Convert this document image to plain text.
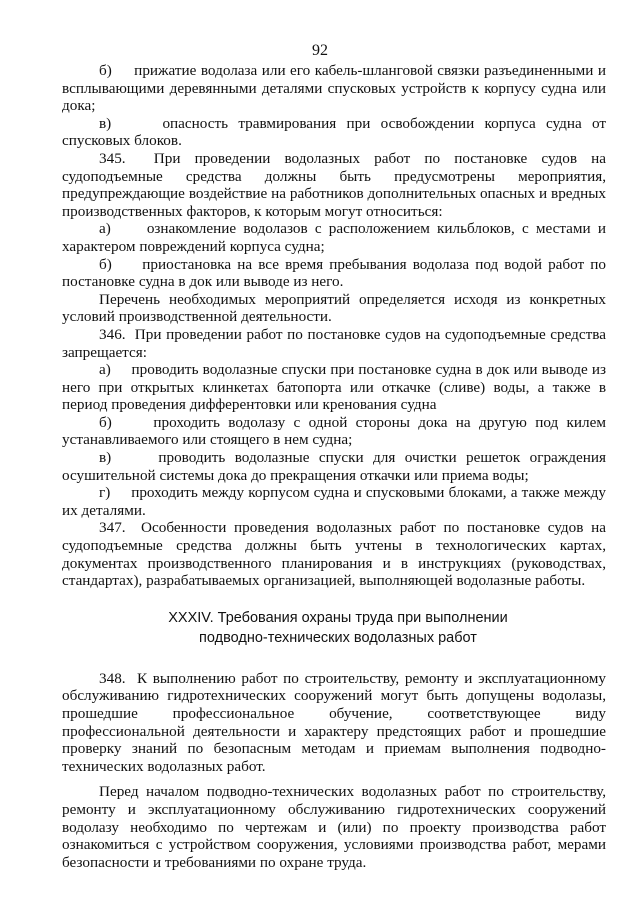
92

б)     прижатие водолаза или его кабель-шланговой связки разъединенными и всплывающими деревянными деталями спусковых устройств к корпусу судна или дока;

в)     опасность травмирования при освобождении корпуса судна от спусковых блоков.

345.  При проведении водолазных работ по постановке судов на судоподъемные средства должны быть предусмотрены мероприятия, предупреждающие воздействие на работников дополнительных опасных и вредных производственных факторов, к которым могут относиться:

а)     ознакомление водолазов с расположением кильблоков, с местами и характером повреждений корпуса судна;

б)     приостановка на все время пребывания водолаза под водой работ по постановке судна в док или выводе из него.

Перечень необходимых мероприятий определяется исходя из конкретных условий производственной деятельности.

346.  При проведении работ по постановке судов на судоподъемные средства запрещается:

а)     проводить водолазные спуски при постановке судна в док или выводе из него при открытых клинкетах батопорта или откачке (сливе) воды, а также в период проведения дифферентовки или кренования судна

б)     проходить водолазу с одной стороны дока на другую под килем устанавливаемого или стоящего в нем судна;

в)     проводить водолазные спуски для очистки решеток ограждения осушительной системы дока до прекращения откачки или приема воды;

г)     проходить между корпусом судна и спусковыми блоками, а также между их деталями.

347.  Особенности проведения водолазных работ по постановке судов на судоподъемные средства должны быть учтены в технологических картах, документах производственного планирования и в инструкциях (руководствах, стандартах), разрабатываемых организацией, выполняющей водолазные работы.

XXXIV. Требования охраны труда при выполнении
подводно-технических водолазных работ

348.  К выполнению работ по строительству, ремонту и эксплуатационному обслуживанию гидротехнических сооружений могут быть допущены водолазы, прошедшие профессиональное обучение, соответствующее виду профессиональной деятельности и характеру предстоящих работ и прошедшие проверку знаний по безопасным методам и приемам выполнения подводно-технических водолазных работ.

Перед началом подводно-технических водолазных работ по строительству, ремонту и эксплуатационному обслуживанию гидротехнических сооружений водолазу необходимо по чертежам и (или) по проекту производства работ ознакомиться с устройством сооружения, условиями производства работ, мерами безопасности и требованиями по охране труда.
